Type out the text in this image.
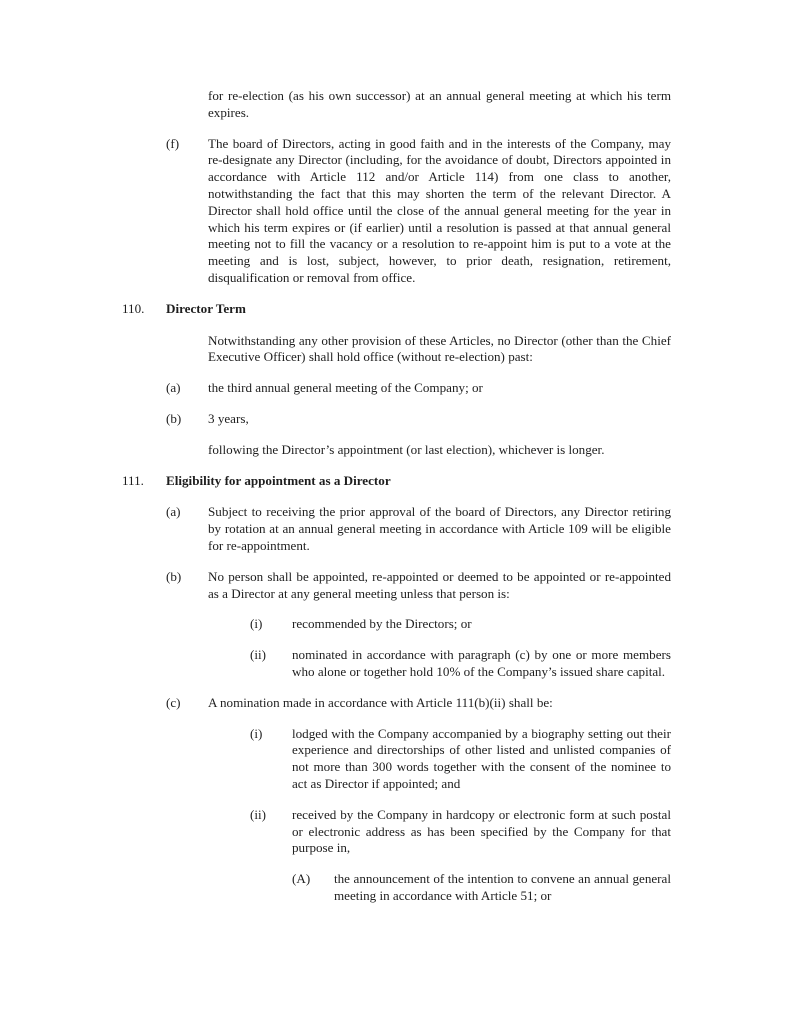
for re-election (as his own successor) at an annual general meeting at which his term expires.
(f)	The board of Directors, acting in good faith and in the interests of the Company, may re-designate any Director (including, for the avoidance of doubt, Directors appointed in accordance with Article 112 and/or Article 114) from one class to another, notwithstanding the fact that this may shorten the term of the relevant Director. A Director shall hold office until the close of the annual general meeting for the year in which his term expires or (if earlier) until a resolution is passed at that annual general meeting not to fill the vacancy or a resolution to re-appoint him is put to a vote at the meeting and is lost, subject, however, to prior death, resignation, retirement, disqualification or removal from office.
110.	Director Term
Notwithstanding any other provision of these Articles, no Director (other than the Chief Executive Officer) shall hold office (without re-election) past:
(a)	the third annual general meeting of the Company; or
(b)	3 years,
following the Director’s appointment (or last election), whichever is longer.
111.	Eligibility for appointment as a Director
(a)	Subject to receiving the prior approval of the board of Directors, any Director retiring by rotation at an annual general meeting in accordance with Article 109 will be eligible for re-appointment.
(b)	No person shall be appointed, re-appointed or deemed to be appointed or re-appointed as a Director at any general meeting unless that person is:
(i)	recommended by the Directors; or
(ii)	nominated in accordance with paragraph (c) by one or more members who alone or together hold 10% of the Company’s issued share capital.
(c)	A nomination made in accordance with Article 111(b)(ii) shall be:
(i)	lodged with the Company accompanied by a biography setting out their experience and directorships of other listed and unlisted companies of not more than 300 words together with the consent of the nominee to act as Director if appointed; and
(ii)	received by the Company in hardcopy or electronic form at such postal or electronic address as has been specified by the Company for that purpose in,
(A)	the announcement of the intention to convene an annual general meeting in accordance with Article 51; or
